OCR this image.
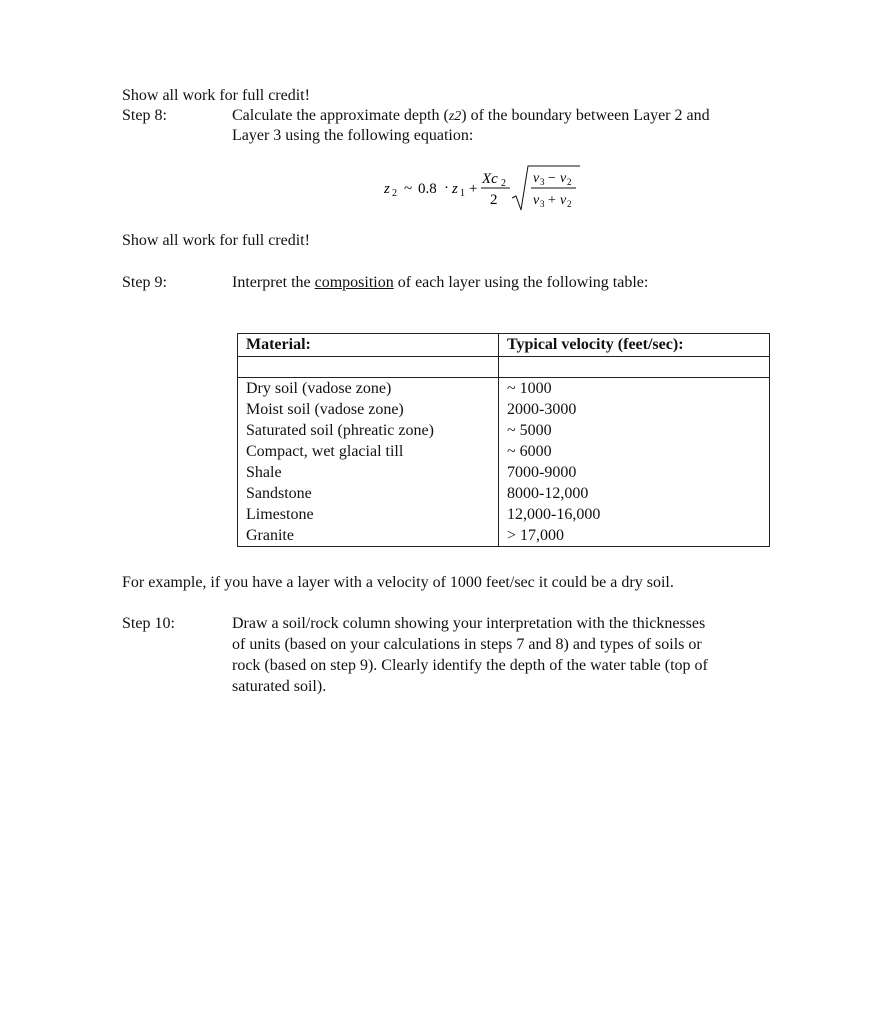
Show all work for full credit!
Step 8:	Calculate the approximate depth (z2) of the boundary between Layer 2 and
Layer 3 using the following equation:
z 2 ~ 0.8 · z 1 +
Xc 2
2
v 3 − v 2
v 3 + v 2
Show all work for full credit!
Step 9:	Interpret the composition of each layer using the following table:
Material:	Typical velocity (feet/sec):

Dry soil (vadose zone)	~ 1000
Moist soil (vadose zone)	2000-3000
Saturated soil (phreatic zone)	~ 5000
Compact, wet glacial till	~ 6000
Shale	7000-9000
Sandstone	8000-12,000
Limestone	12,000-16,000
Granite	> 17,000
For example, if you have a layer with a velocity of 1000 feet/sec it could be a dry soil.
Step 10:	Draw a soil/rock column showing your interpretation with the thicknesses
of units (based on your calculations in steps 7 and 8) and types of soils or
rock (based on step 9). Clearly identify the depth of the water table (top of
saturated soil).
